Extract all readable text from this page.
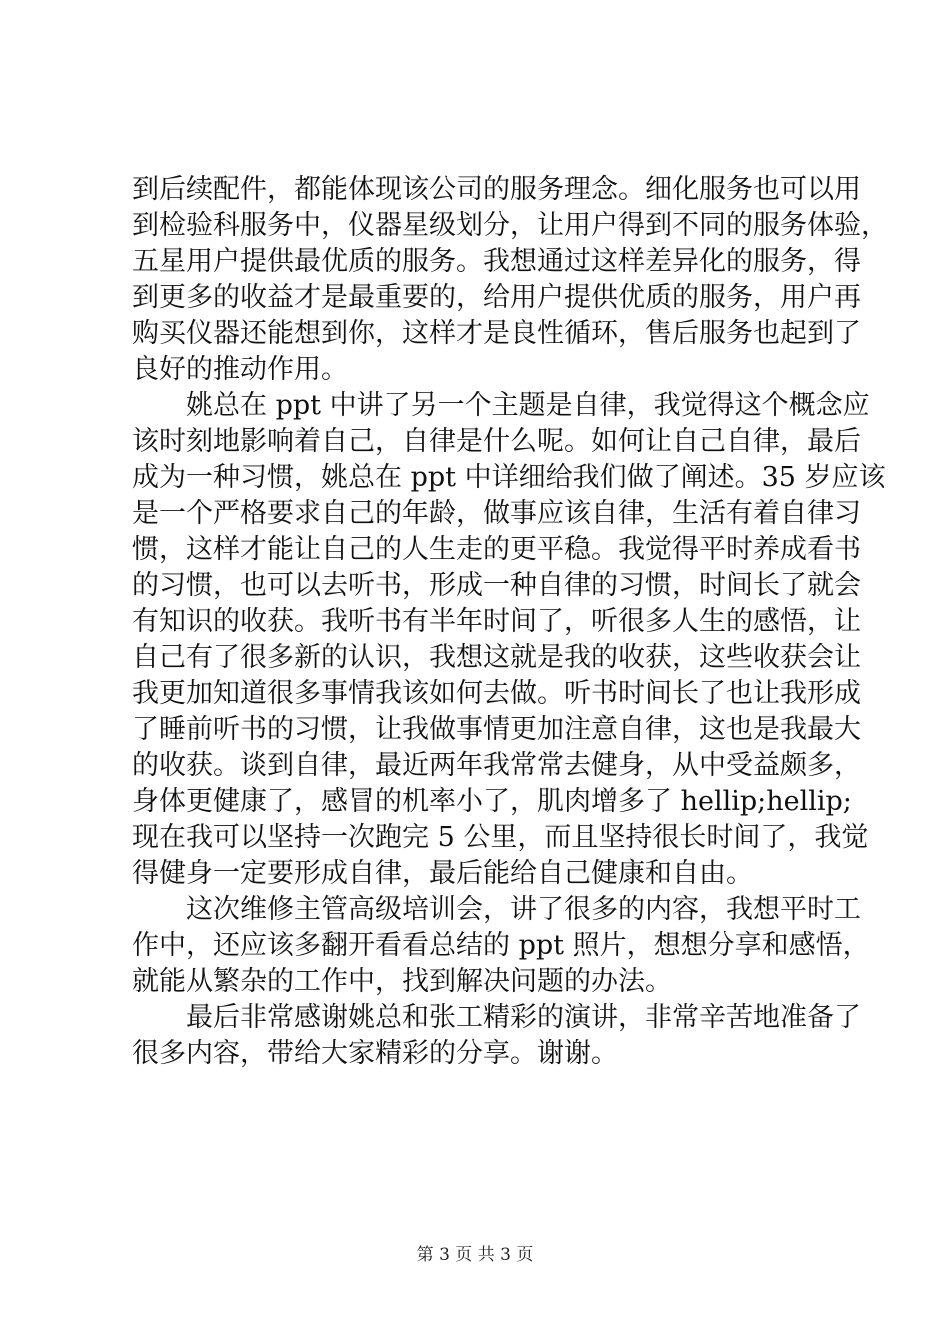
到后续配件，都能体现该公司的服务理念。细化服务也可以用
到检验科服务中，仪器星级划分，让用户得到不同的服务体验，
五星用户提供最优质的服务。我想通过这样差异化的服务，得
到更多的收益才是最重要的，给用户提供优质的服务，用户再
购买仪器还能想到你，这样才是良性循环，售后服务也起到了
良好的推动作用。
姚总在 ppt 中讲了另一个主题是自律，我觉得这个概念应
该时刻地影响着自己，自律是什么呢。如何让自己自律，最后
成为一种习惯，姚总在 ppt 中详细给我们做了阐述。35 岁应该
是一个严格要求自己的年龄，做事应该自律，生活有着自律习
惯，这样才能让自己的人生走的更平稳。我觉得平时养成看书
的习惯，也可以去听书，形成一种自律的习惯，时间长了就会
有知识的收获。我听书有半年时间了，听很多人生的感悟，让
自己有了很多新的认识，我想这就是我的收获，这些收获会让
我更加知道很多事情我该如何去做。听书时间长了也让我形成
了睡前听书的习惯，让我做事情更加注意自律，这也是我最大
的收获。谈到自律，最近两年我常常去健身，从中受益颇多，
身体更健康了，感冒的机率小了，肌肉增多了 hellip;hellip;
现在我可以坚持一次跑完 5 公里，而且坚持很长时间了，我觉
得健身一定要形成自律，最后能给自己健康和自由。
这次维修主管高级培训会，讲了很多的内容，我想平时工
作中，还应该多翻开看看总结的 ppt 照片，想想分享和感悟，
就能从繁杂的工作中，找到解决问题的办法。
最后非常感谢姚总和张工精彩的演讲，非常辛苦地准备了
很多内容，带给大家精彩的分享。谢谢。
第 3 页 共 3 页
